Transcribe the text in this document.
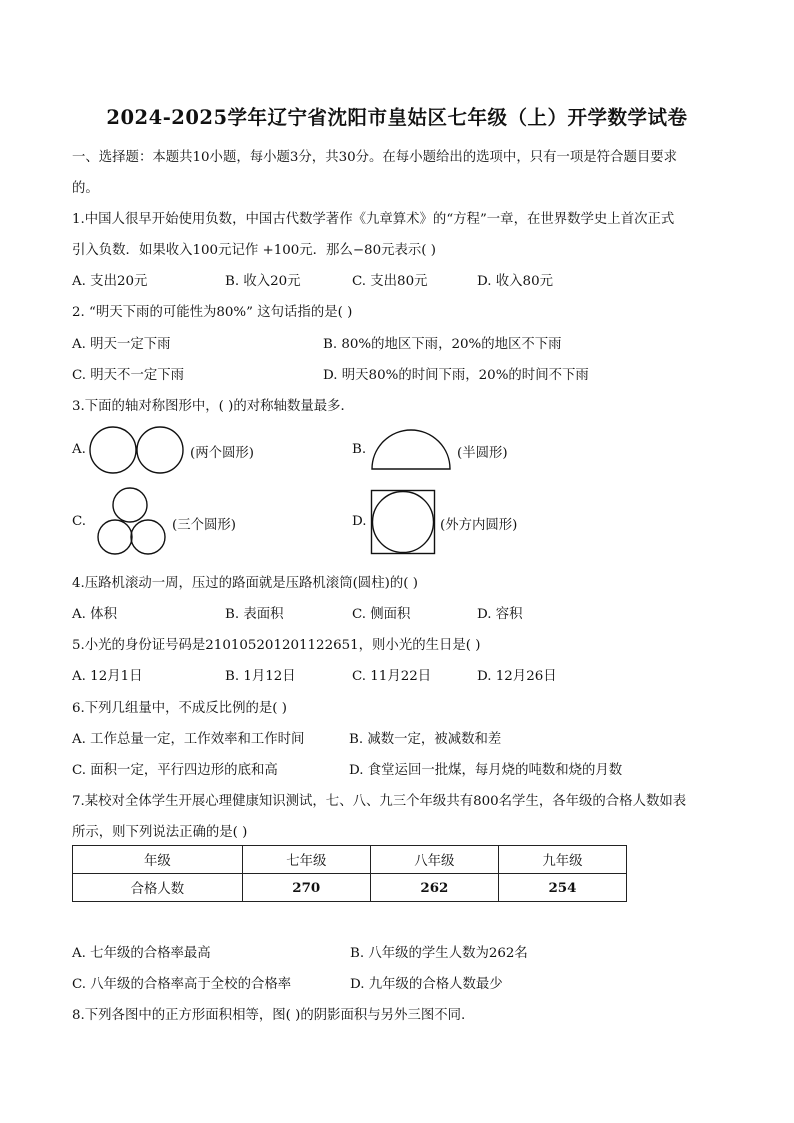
2024-2025学年辽宁省沈阳市皇姑区七年级（上）开学数学试卷
一、选择题：本题共10小题，每小题3分，共30分。在每小题给出的选项中，只有一项是符合题目要求
的。
1.中国人很早开始使用负数，中国古代数学著作《九章算术》的“方程”一章，在世界数学史上首次正式
引入负数．如果收入100元记作 +100元．那么−80元表示( )
A. 支出20元	B. 收入20元	C. 支出80元	D. 收入80元
2. “明天下雨的可能性为80%” 这句话指的是( )
A. 明天一定下雨	B. 80%的地区下雨，20%的地区不下雨
C. 明天不一定下雨	D. 明天80%的时间下雨，20%的时间不下雨
3.下面的轴对称图形中，( )的对称轴数量最多．
A.	(两个圆形)	B.	(半圆形)
C.	(三个圆形)	D.	(外方内圆形)
4.压路机滚动一周，压过的路面就是压路机滚筒(圆柱)的( )
A. 体积	B. 表面积	C. 侧面积	D. 容积
5.小光的身份证号码是210105201201122651，则小光的生日是( )
A. 12月1日	B. 1月12日	C. 11月22日	D. 12月26日
6.下列几组量中，不成反比例的是( )
A. 工作总量一定，工作效率和工作时间	B. 减数一定，被减数和差
C. 面积一定，平行四边形的底和高	D. 食堂运回一批煤，每月烧的吨数和烧的月数
7.某校对全体学生开展心理健康知识测试，七、八、九三个年级共有800名学生，各年级的合格人数如表
所示，则下列说法正确的是( )
年级	七年级	八年级	九年级
合格人数	270	262	254
A. 七年级的合格率最高	B. 八年级的学生人数为262名
C. 八年级的合格率高于全校的合格率	D. 九年级的合格人数最少
8.下列各图中的正方形面积相等，图( )的阴影面积与另外三图不同.
